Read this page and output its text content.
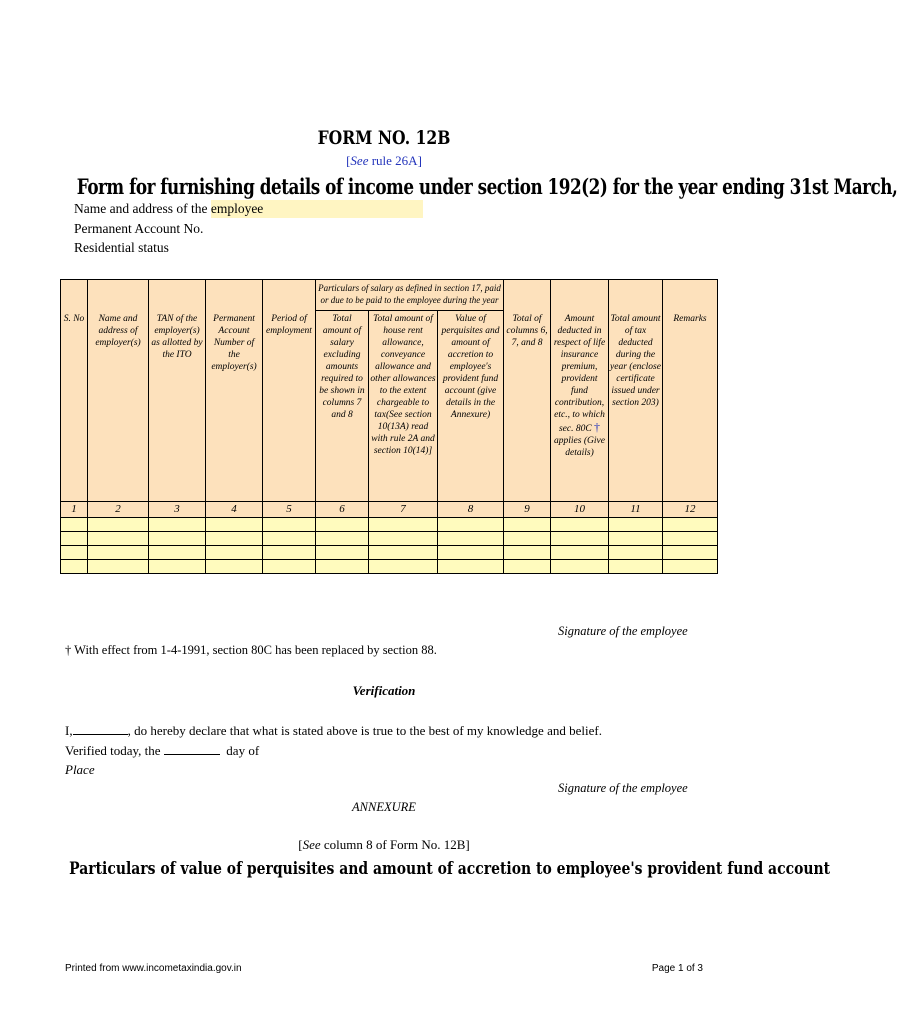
FORM NO. 12B
[See rule 26A]
Form for furnishing details of income under section 192(2) for the year ending 31st March,
Name and address of the employee
Permanent Account No.
Residential status
S. No	Name and address of employer(s)	TAN of the employer(s) as allotted by the ITO	Permanent Account Number of the employer(s)	Period of employment	Particulars of salary as defined in section 17, paid or due to be paid to the employee during the year			Total of columns 6, 7, and 8	Amount deducted in respect of life insurance premium, provident fund contribution, etc., to which sec. 80C † applies (Give details)	Total amount of tax deducted during the year (enclose certificate issued under section 203)	Remarks
					Total amount of salary excluding amounts required to be shown in columns 7 and 8	Total amount of house rent allowance, conveyance allowance and other allowances to the extent chargeable to tax(See section 10(13A) read with rule 2A and section 10(14)]	Value of perquisites and amount of accretion to employee's provident fund account (give details in the Annexure)				
1	2	3	4	5	6	7	8	9	10	11	12

Signature of the employee
† With effect from 1-4-1991, section 80C has been replaced by section 88.
Verification
I,	, do hereby declare that what is stated above is true to the best of my knowledge and belief.
Verified today, the	day of
Place
Signature of the employee
ANNEXURE
[See column 8 of Form No. 12B]
Particulars of value of perquisites and amount of accretion to employee's provident fund account
Printed from www.incometaxindia.gov.in	Page 1 of 3
